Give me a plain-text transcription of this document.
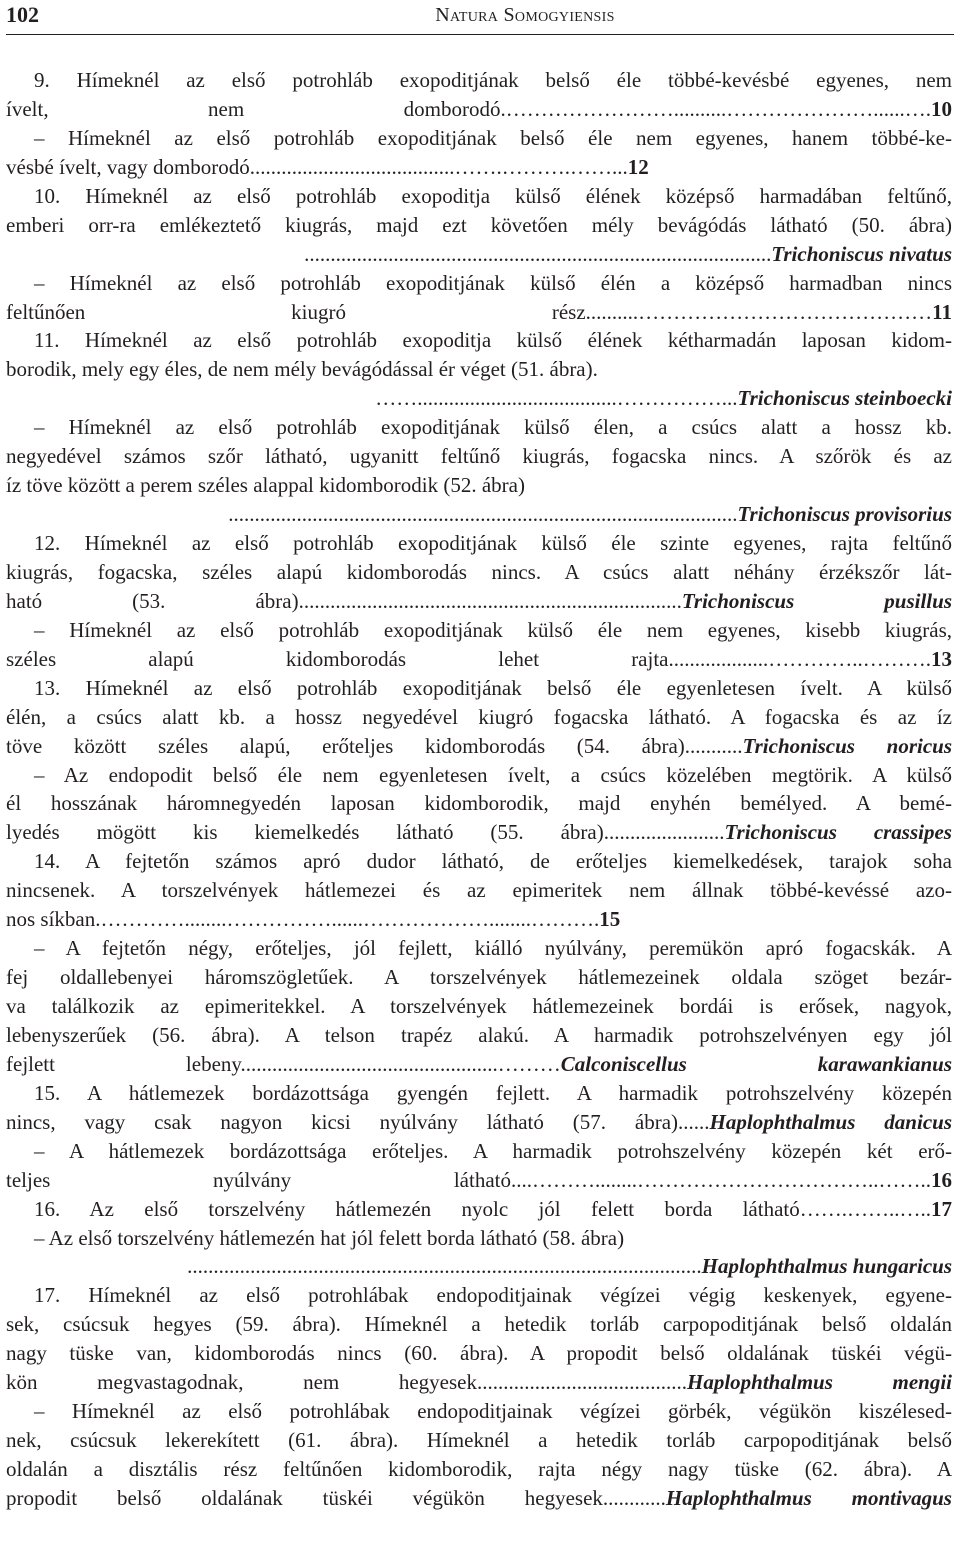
102	Natura Somogyiensis
9. Hímeknél az első potrohláb exopoditjának belső éle többé-kevésbé egyenes, nem
ívelt, nem domborodó.……………………..........…………………......….10
– Hímeknél az első potrohláb exopoditjának belső éle nem egyenes, hanem többé-ke-
vésbé ívelt, vagy domborodó.......................................…….……….……...12
10. Hímeknél az első potrohláb exopoditja külső élének középső harmadában feltűnő,
emberi orr-ra emlékeztető kiugrás, majd ezt követően mély bevágódás látható (50. ábra)
.........................................................................................Trichoniscus nivatus
– Hímeknél az első potrohláb exopoditjának külső élén a középső harmadban nincs
feltűnően kiugró rész..........……………………………………11
11. Hímeknél az első potrohláb exopoditja külső élének kétharmadán laposan kidom-
borodik, mely egy éles, de nem mély bevágódással ér véget (51. ábra).
……......................................……………...Trichoniscus steinboecki
– Hímeknél az első potrohláb exopoditjának külső élen, a csúcs alatt a hossz kb.
negyedével számos szőr látható, ugyanitt feltűnő kiugrás, fogacska nincs. A szőrök és az
íz töve között a perem széles alappal kidomborodik (52. ábra)
.................................................................................................Trichoniscus provisorius
12. Hímeknél az első potrohláb exopoditjának külső éle szinte egyenes, rajta feltűnő
kiugrás, fogacska, széles alapú kidomborodás nincs. A csúcs alatt néhány érzékszőr lát-
ható (53. ábra).........................................................................Trichoniscus pusillus
– Hímeknél az első potrohláb exopoditjának külső éle nem egyenes, kisebb kiugrás,
széles alapú kidomborodás lehet rajta...................…………..……….13
13. Hímeknél az első potrohláb exopoditjának belső éle egyenletesen ívelt. A külső
élén, a csúcs alatt kb. a hossz negyedével kiugró fogacska látható. A fogacska és az íz
töve között széles alapú, erőteljes kidomborodás (54. ábra)...........Trichoniscus noricus
– Az endopodit belső éle nem egyenletesen ívelt, a csúcs közelében megtörik. A külső
él hosszának háromnegyedén laposan kidomborodik, majd enyhén bemélyed. A bemé-
lyedés mögött kis kiemelkedés látható (55. ábra).......................Trichoniscus crassipes
14. A fejtetőn számos apró dudor látható, de erőteljes kiemelkedések, tarajok soha
nincsenek. A torszelvények hátlemezei és az epimeritek nem állnak többé-kevéssé azo-
nos síkban.…………........……………......………………........……….15
– A fejtetőn négy, erőteljes, jól fejlett, kiálló nyúlvány, peremükön apró fogacskák. A
fej oldallebenyei háromszögletűek. A torszelvények hátlemezeinek oldala szöget bezár-
va találkozik az epimeritekkel. A torszelvények hátlemezeinek bordái is erősek, nagyok,
lebenyszerűek (56. ábra). A telson trapéz alakú. A harmadik potrohszelvényen egy jól
fejlett lebeny.................................................………Calconiscellus karawankianus
15. A hátlemezek bordázottsága gyengén fejlett. A harmadik potrohszelvény közepén
nincs, vagy csak nagyon kicsi nyúlvány látható (57. ábra)......Haplophthalmus danicus
– A hátlemezek bordázottsága erőteljes. A harmadik potrohszelvény közepén két erő-
teljes nyúlvány látható....………........……………………………..……..16
16. Az első torszelvény hátlemezén nyolc jól felett borda látható…….……..…..17
– Az első torszelvény hátlemezén hat jól felett borda látható (58. ábra)
..................................................................................................Haplophthalmus hungaricus
17. Hímeknél az első potrohlábak endopoditjainak végízei végig keskenyek, egyene-
sek, csúcsuk hegyes (59. ábra). Hímeknél a hetedik torláb carpopoditjának belső oldalán
nagy tüske van, kidomborodás nincs (60. ábra). A propodit belső oldalának tüskéi végü-
kön megvastagodnak, nem hegyesek........................................Haplophthalmus mengii
– Hímeknél az első potrohlábak endopoditjainak végízei görbék, végükön kiszélesed-
nek, csúcsuk lekerekített (61. ábra). Hímeknél a hetedik torláb carpopoditjának belső
oldalán a disztális rész feltűnően kidomborodik, rajta négy nagy tüske (62. ábra). A
propodit belső oldalának tüskéi végükön hegyesek............Haplophthalmus montivagus
